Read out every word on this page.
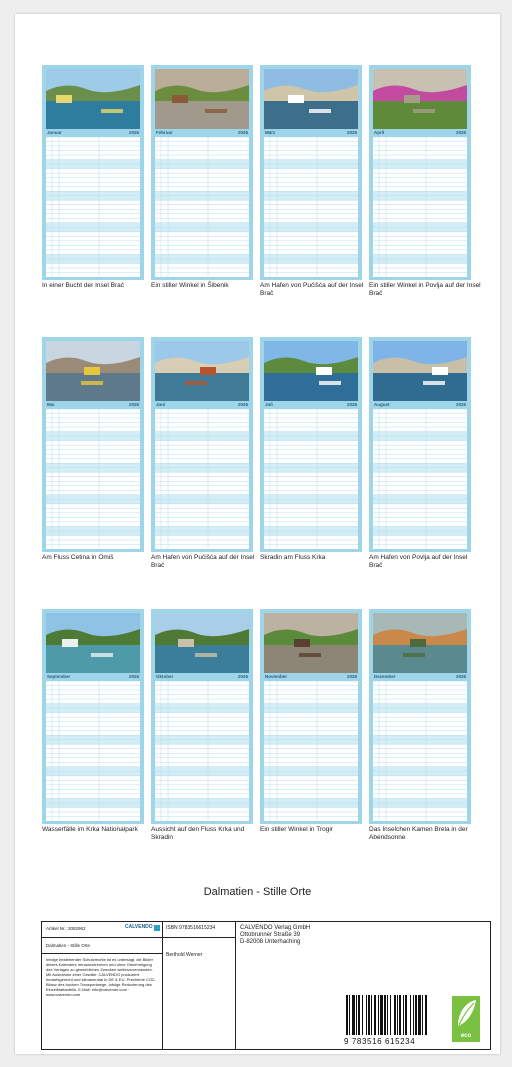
Januar	2026	Februar	2026	März	2026	April	2026
Mai	2026	Juni	2026	Juli	2026	August	2026
September	2026	Oktober	2026	November	2026	Dezember	2026
In einer Bucht der Insel Brač	Ein stiller Winkel in Šibenik	Am Hafen von Pučišća auf der Insel Brač
Ein stiller Winkel in Povlja auf der Insel Brač
Am Fluss Cetina in Omiš	Am Hafen von Pučišća auf der Insel Brač
Skradin am Fluss Krka	Am Hafen von Povlja auf der Insel Brač
Wasserfälle im Krka Nationalpark	Aussicht auf den Fluss Krka und Skradin
Ein stiller Winkel in Trogir	Das Inselchen Kamen Brela in der Abendsonne
Dalmatien - Stille Orte
Artikel Nr.: 2082962	CALVENDO
Dalmatien - Stille Orte
Infolge bestehender Schutzrechte ist es untersagt, die Bilder dieses Kalenders herauszutrennen und ohne Genehmigung des Verlages zu gewerblichen Zwecken weiterzuverwenden. Mit Ausnahme einer Gewähr. CALVENDO produziert bedarfsgerecht und klimaneutral in DE & EU. Prechterie CO2-Bilanz des buchen Transportwege. Infolge Reduzierung des Einzelblattanteils. E-Mail: info@calvendo.com · www.calvendo.com
ISBN 9783516615234
Berthold Werner
CALVENDO Verlag GmbH
Ottobrunner Straße 39
D-82008 Unterhaching
9 783516 615234
eco
